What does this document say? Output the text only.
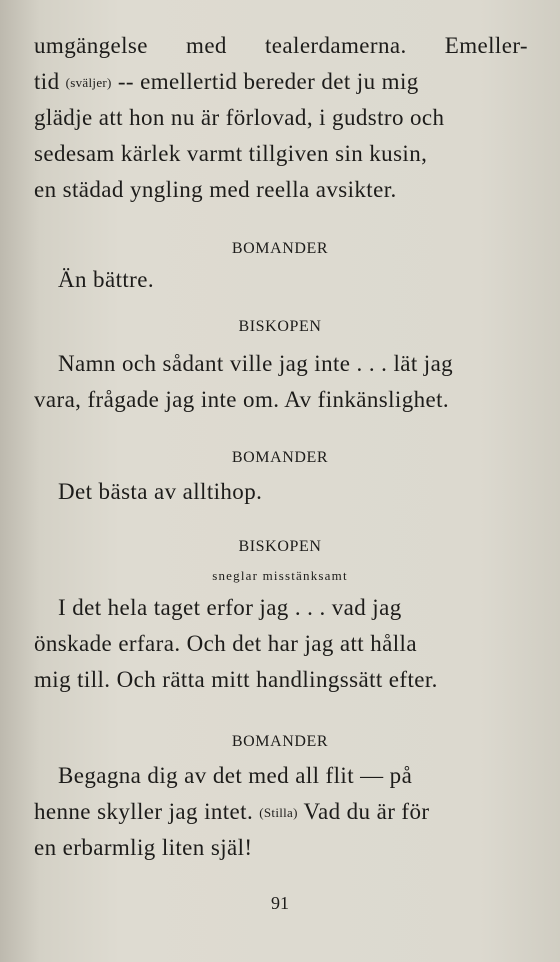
umgängelse med tealerdamerna. Emeller-
tid (sväljer) -- emellertid bereder det ju mig
glädje att hon nu är förlovad, i gudstro och
sedesam kärlek varmt tillgiven sin kusin,
en städad yngling med reella avsikter.
BOMANDER
Än bättre.
BISKOPEN
Namn och sådant ville jag inte . . . lät jag
vara, frågade jag inte om. Av finkänslighet.
BOMANDER
Det bästa av alltihop.
BISKOPEN
sneglar misstänksamt
I det hela taget erfor jag . . . vad jag
önskade erfara. Och det har jag att hålla
mig till. Och rätta mitt handlingssätt efter.
BOMANDER
Begagna dig av det med all flit — på
henne skyller jag intet. (Stilla) Vad du är för
en erbarmlig liten själ!
91
